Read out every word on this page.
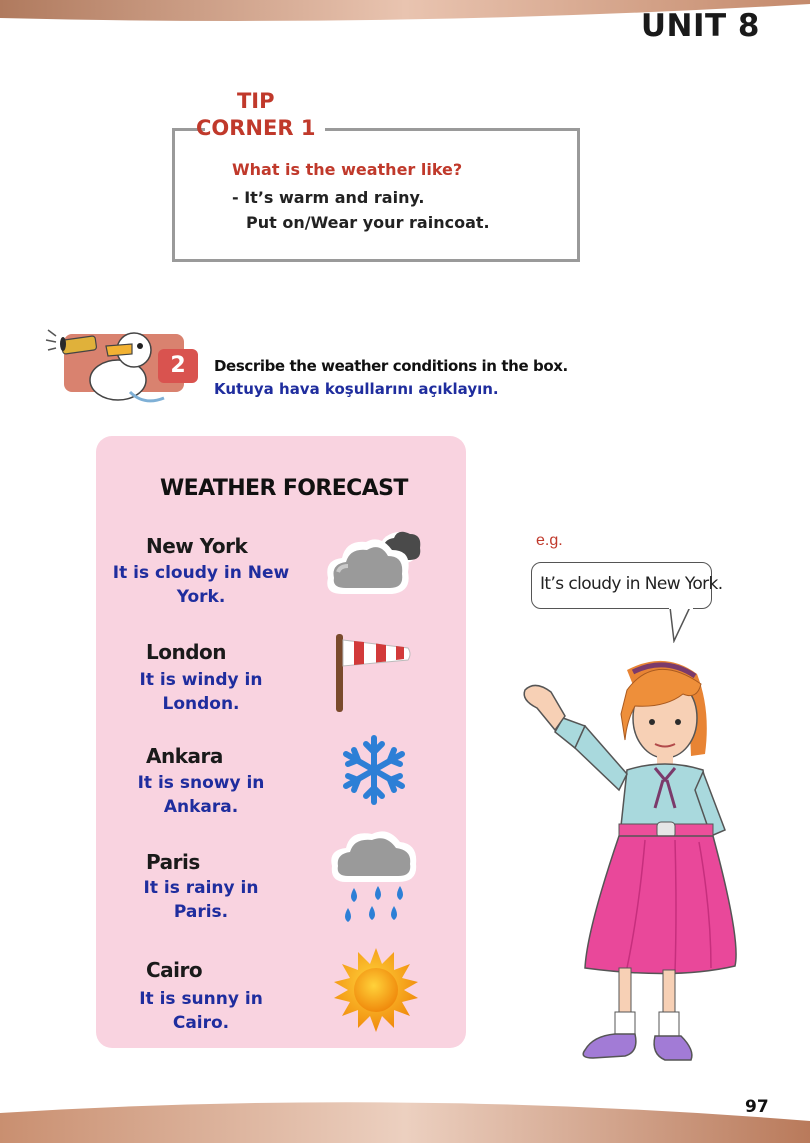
UNIT 8
TIP
CORNER 1
What is the weather like?
- It’s warm and rainy.
Put on/Wear your raincoat.
2	Describe the weather conditions in the box.
Kutuya hava koşullarını açıklayın.
WEATHER FORECAST
New York
It is cloudy in New
York.
London
It is windy in
London.
Ankara
It is snowy in
Ankara.
Paris
It is rainy in
Paris.
Cairo
It is sunny in
Cairo.
e.g.
It’s cloudy in New York.
97
